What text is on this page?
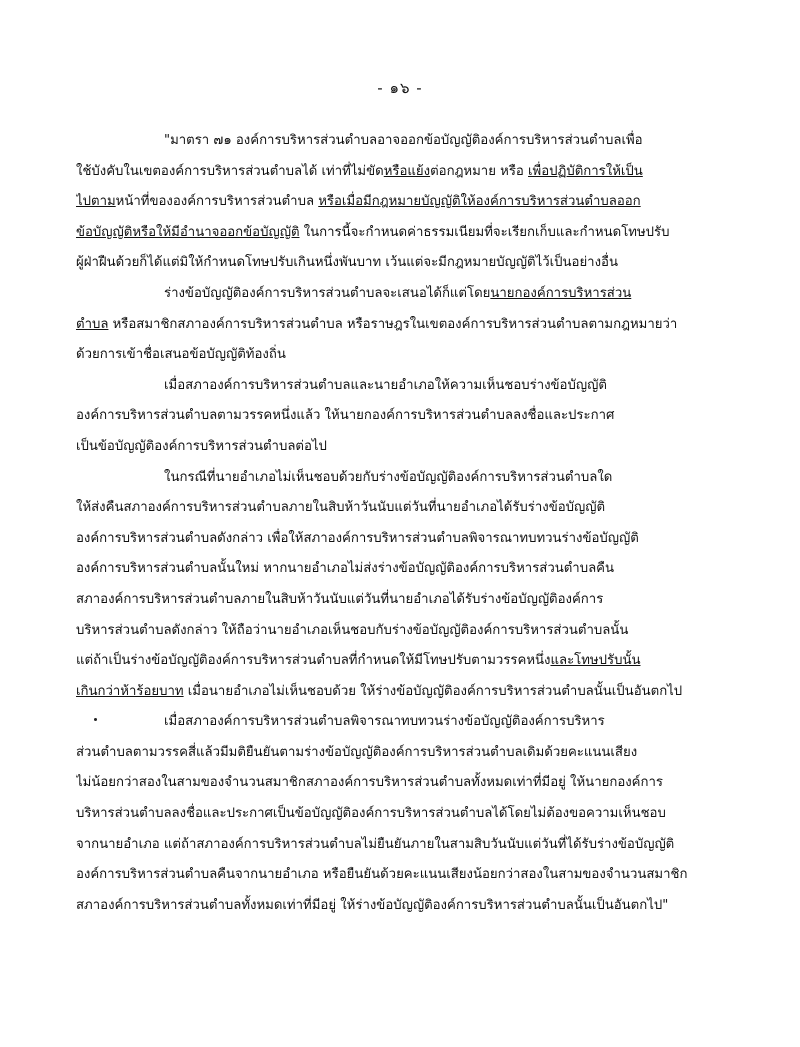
- ๑๖ -
"มาตรา ๗๑ องค์การบริหารส่วนตำบลอาจออกข้อบัญญัติองค์การบริหารส่วนตำบลเพื่อ
ใช้บังคับในเขตองค์การบริหารส่วนตำบลได้ เท่าที่ไม่ขัดหรือแย้งต่อกฎหมาย หรือ เพื่อปฏิบัติการให้เป็น
ไปตามหน้าที่ขององค์การบริหารส่วนตำบล หรือเมื่อมีกฎหมายบัญญัติให้องค์การบริหารส่วนตำบลออก
ข้อบัญญัติหรือให้มีอำนาจออกข้อบัญญัติ ในการนี้จะกำหนดค่าธรรมเนียมที่จะเรียกเก็บและกำหนดโทษปรับ
ผู้ฝ่าฝืนด้วยก็ได้แต่มิให้กำหนดโทษปรับเกินหนึ่งพันบาท เว้นแต่จะมีกฎหมายบัญญัติไว้เป็นอย่างอื่น
ร่างข้อบัญญัติองค์การบริหารส่วนตำบลจะเสนอได้ก็แต่โดยนายกองค์การบริหารส่วน
ตำบล หรือสมาชิกสภาองค์การบริหารส่วนตำบล หรือราษฎรในเขตองค์การบริหารส่วนตำบลตามกฎหมายว่า
ด้วยการเข้าชื่อเสนอข้อบัญญัติท้องถิ่น
เมื่อสภาองค์การบริหารส่วนตำบลและนายอำเภอให้ความเห็นชอบร่างข้อบัญญัติ
องค์การบริหารส่วนตำบลตามวรรคหนึ่งแล้ว ให้นายกองค์การบริหารส่วนตำบลลงชื่อและประกาศ
เป็นข้อบัญญัติองค์การบริหารส่วนตำบลต่อไป
ในกรณีที่นายอำเภอไม่เห็นชอบด้วยกับร่างข้อบัญญัติองค์การบริหารส่วนตำบลใด
ให้ส่งคืนสภาองค์การบริหารส่วนตำบลภายในสิบห้าวันนับแต่วันที่นายอำเภอได้รับร่างข้อบัญญัติ
องค์การบริหารส่วนตำบลดังกล่าว เพื่อให้สภาองค์การบริหารส่วนตำบลพิจารณาทบทวนร่างข้อบัญญัติ
องค์การบริหารส่วนตำบลนั้นใหม่ หากนายอำเภอไม่ส่งร่างข้อบัญญัติองค์การบริหารส่วนตำบลคืน
สภาองค์การบริหารส่วนตำบลภายในสิบห้าวันนับแต่วันที่นายอำเภอได้รับร่างข้อบัญญัติองค์การ
บริหารส่วนตำบลดังกล่าว ให้ถือว่านายอำเภอเห็นชอบกับร่างข้อบัญญัติองค์การบริหารส่วนตำบลนั้น
แต่ถ้าเป็นร่างข้อบัญญัติองค์การบริหารส่วนตำบลที่กำหนดให้มีโทษปรับตามวรรคหนึ่งและโทษปรับนั้น
เกินกว่าห้าร้อยบาท เมื่อนายอำเภอไม่เห็นชอบด้วย ให้ร่างข้อบัญญัติองค์การบริหารส่วนตำบลนั้นเป็นอันตกไป
เมื่อสภาองค์การบริหารส่วนตำบลพิจารณาทบทวนร่างข้อบัญญัติองค์การบริหาร
ส่วนตำบลตามวรรคสี่แล้วมีมติยืนยันตามร่างข้อบัญญัติองค์การบริหารส่วนตำบลเดิมด้วยคะแนนเสียง
ไม่น้อยกว่าสองในสามของจำนวนสมาชิกสภาองค์การบริหารส่วนตำบลทั้งหมดเท่าที่มีอยู่ ให้นายกองค์การ
บริหารส่วนตำบลลงชื่อและประกาศเป็นข้อบัญญัติองค์การบริหารส่วนตำบลได้โดยไม่ต้องขอความเห็นชอบ
จากนายอำเภอ แต่ถ้าสภาองค์การบริหารส่วนตำบลไม่ยืนยันภายในสามสิบวันนับแต่วันที่ได้รับร่างข้อบัญญัติ
องค์การบริหารส่วนตำบลคืนจากนายอำเภอ หรือยืนยันด้วยคะแนนเสียงน้อยกว่าสองในสามของจำนวนสมาชิก
สภาองค์การบริหารส่วนตำบลทั้งหมดเท่าที่มีอยู่ ให้ร่างข้อบัญญัติองค์การบริหารส่วนตำบลนั้นเป็นอันตกไป"
